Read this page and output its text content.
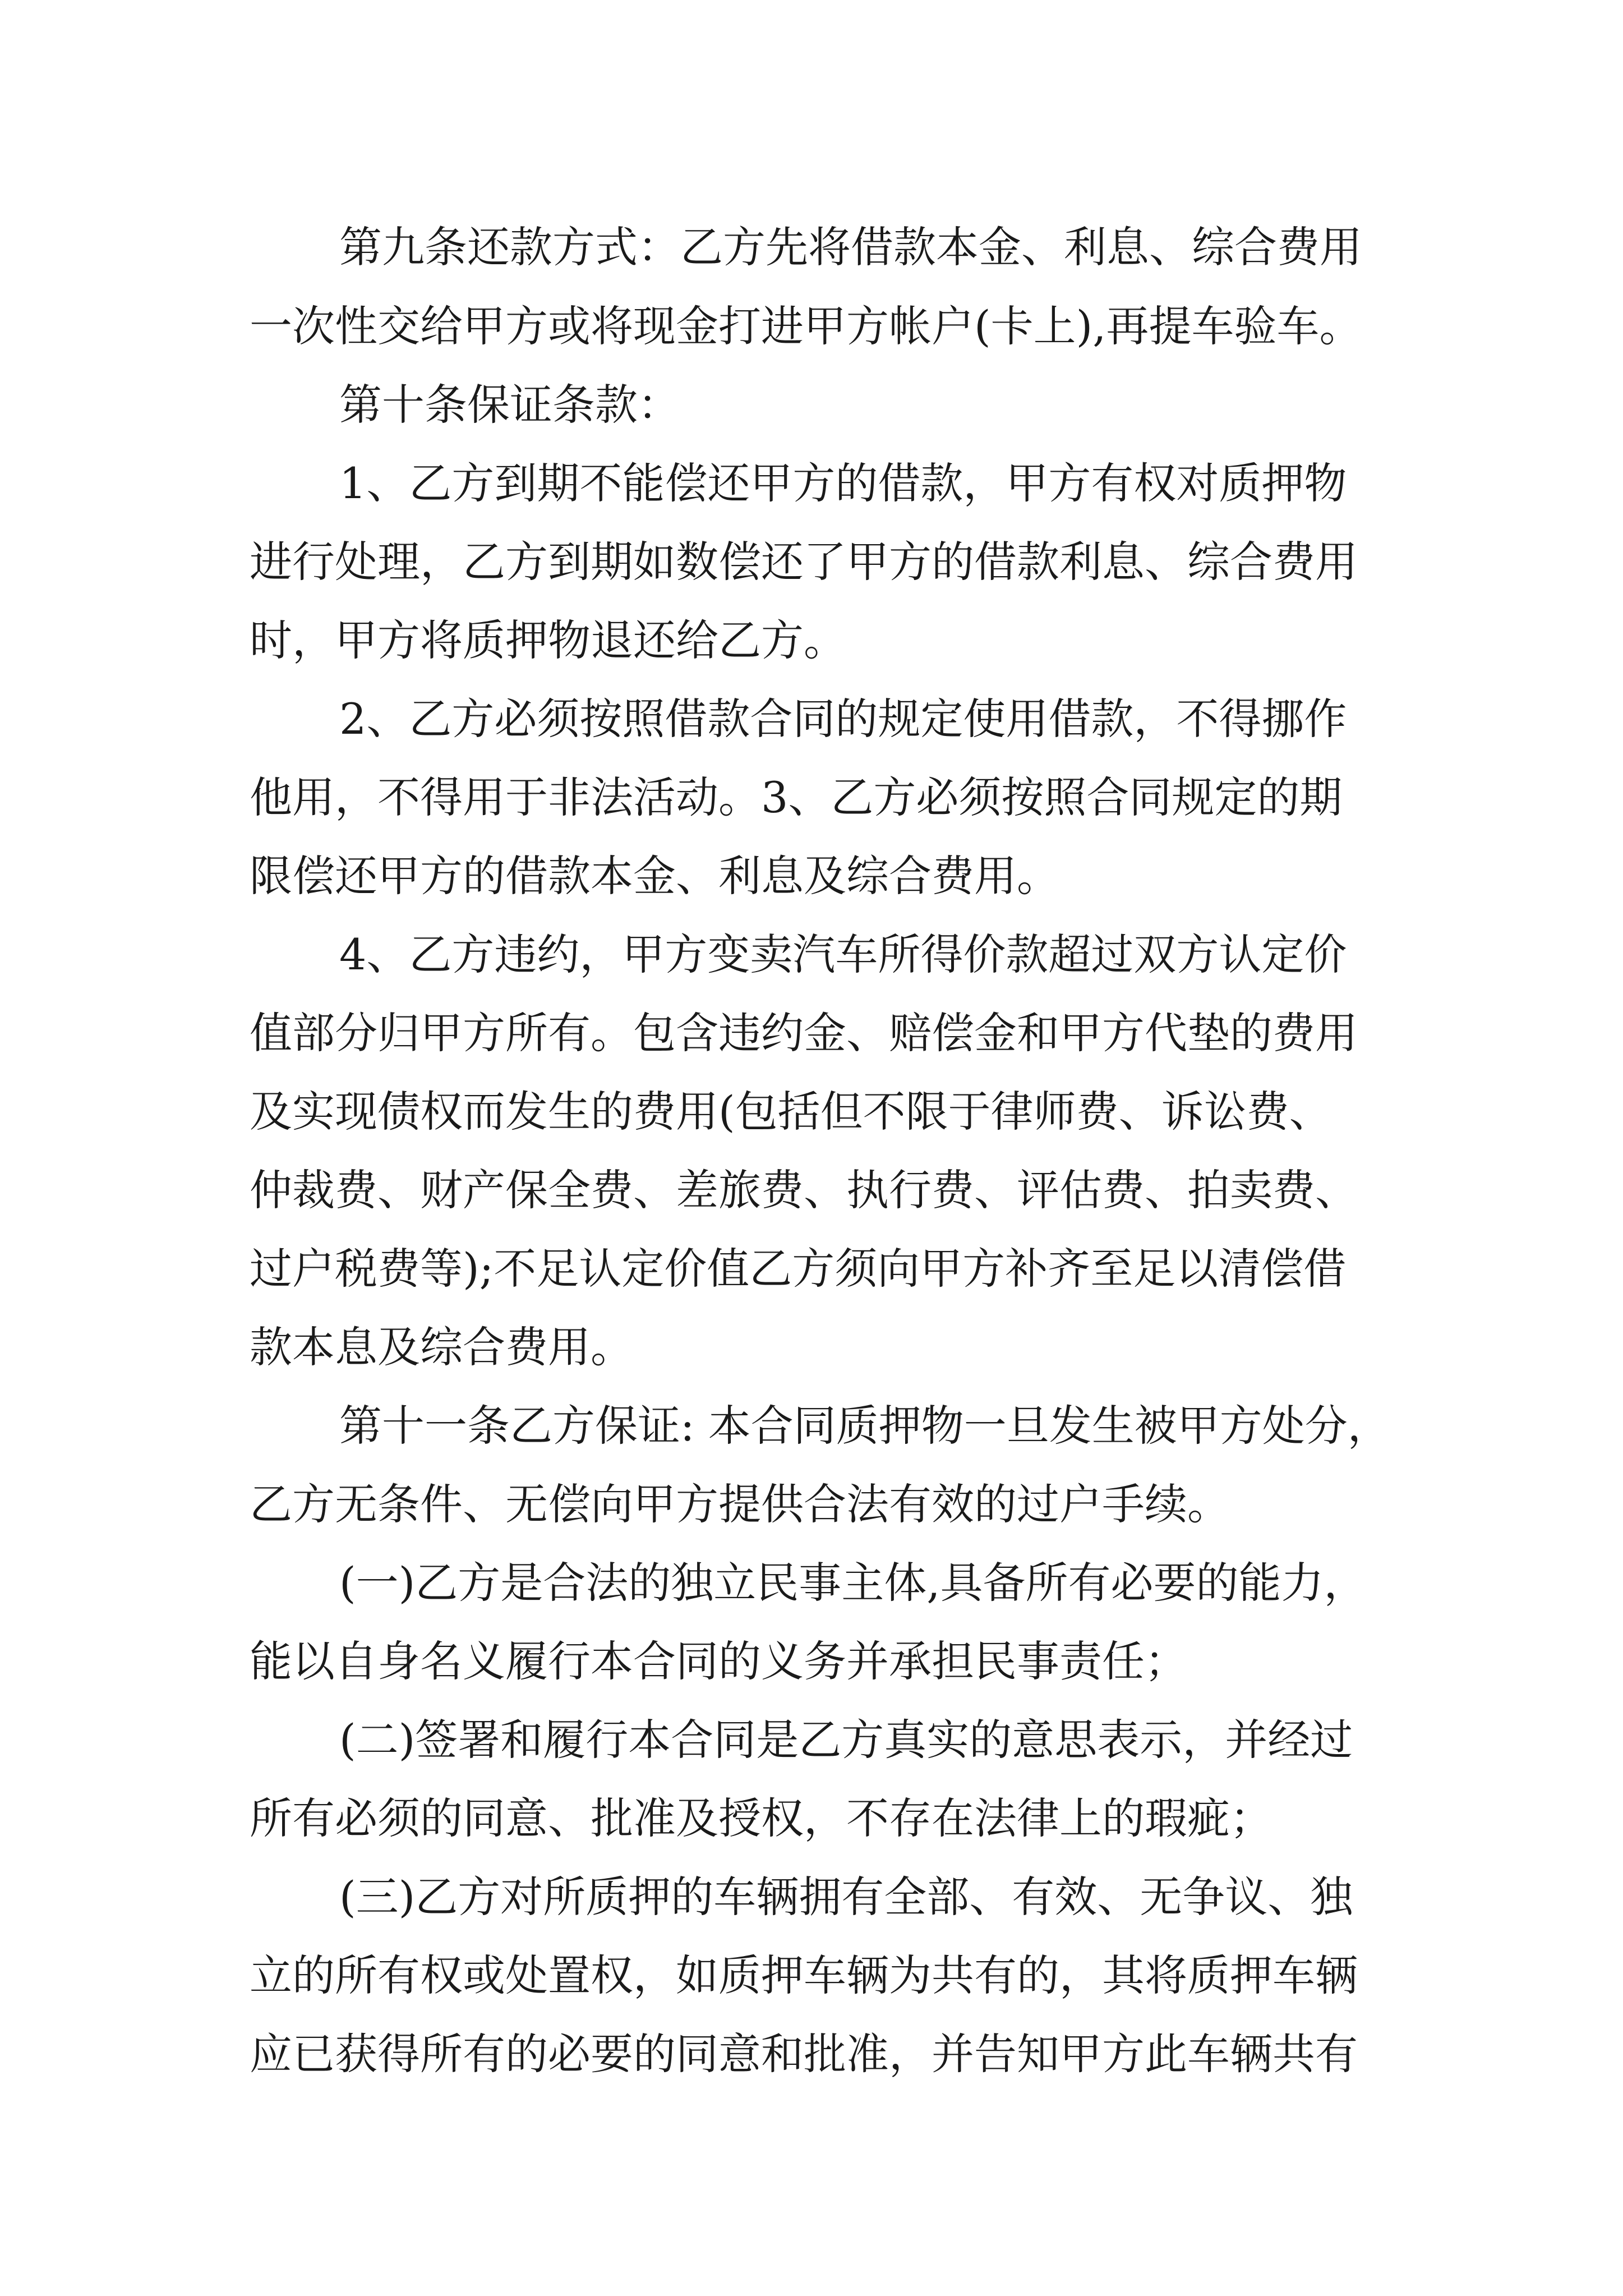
第九条还款方式：乙方先将借款本金、利息、综合费用

一次性交给甲方或将现金打进甲方帐户(卡上),再提车验车。

第十条保证条款：

1、乙方到期不能偿还甲方的借款，甲方有权对质押物

进行处理，乙方到期如数偿还了甲方的借款利息、综合费用

时，甲方将质押物退还给乙方。

2、乙方必须按照借款合同的规定使用借款，不得挪作

他用，不得用于非法活动。3、乙方必须按照合同规定的期

限偿还甲方的借款本金、利息及综合费用。

4、乙方违约，甲方变卖汽车所得价款超过双方认定价

值部分归甲方所有。包含违约金、赔偿金和甲方代垫的费用

及实现债权而发生的费用(包括但不限于律师费、诉讼费、

仲裁费、财产保全费、差旅费、执行费、评估费、拍卖费、

过户税费等);不足认定价值乙方须向甲方补齐至足以清偿借

款本息及综合费用。

第十一条乙方保证: 本合同质押物一旦发生被甲方处分，

乙方无条件、无偿向甲方提供合法有效的过户手续。

(一)乙方是合法的独立民事主体,具备所有必要的能力，

能以自身名义履行本合同的义务并承担民事责任；

(二)签署和履行本合同是乙方真实的意思表示，并经过

所有必须的同意、批准及授权，不存在法律上的瑕疵；

(三)乙方对所质押的车辆拥有全部、有效、无争议、独

立的所有权或处置权，如质押车辆为共有的，其将质押车辆

应已获得所有的必要的同意和批准，并告知甲方此车辆共有
